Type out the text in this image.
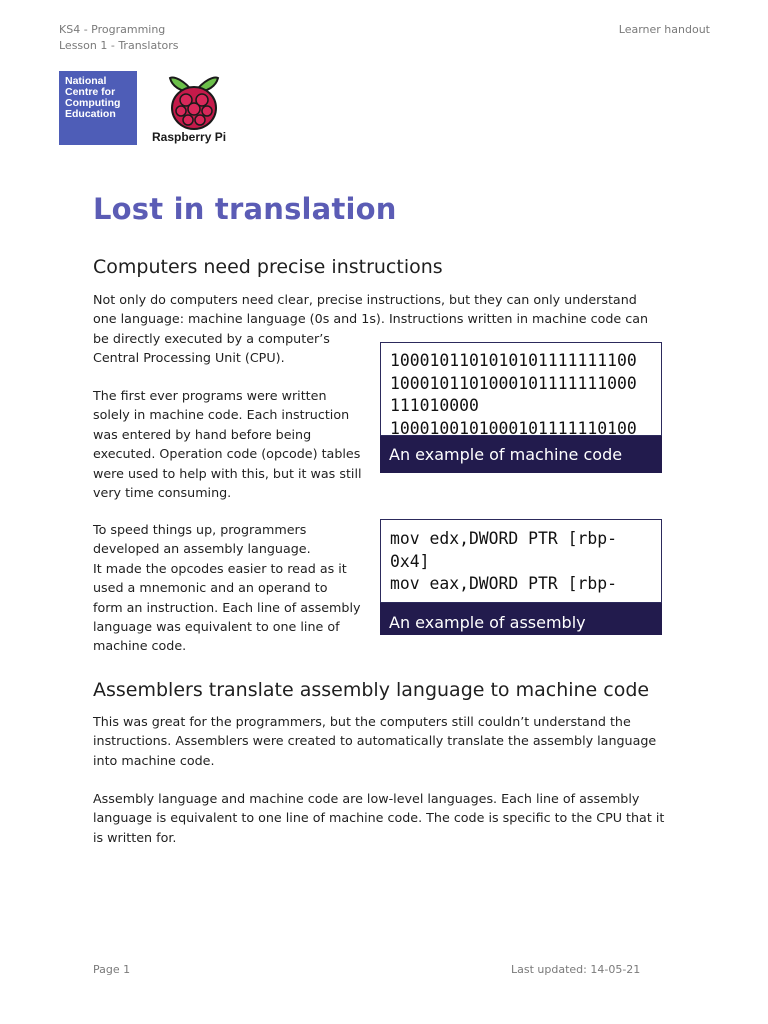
KS4 - Programming
Lesson 1 - Translators
Learner handout
National
Centre for
Computing
Education
Raspberry Pi
Lost in translation
Computers need precise instructions

Not only do computers need clear, precise instructions, but they can only understand
one language: machine language (0s and 1s). Instructions written in machine code can
be directly executed by a computer’s
Central Processing Unit (CPU).

The first ever programs were written
solely in machine code. Each instruction
was entered by hand before being
executed. Operation code (opcode) tables
were used to help with this, but it was still
very time consuming.

To speed things up, programmers
developed an assembly language.
It made the opcodes easier to read as it
used a mnemonic and an operand to
form an instruction. Each line of assembly
language was equivalent to one line of
machine code.

1000101101010101111111100
1000101101000101111111000
111010000
1000100101000101111110100
An example of machine code
mov edx,DWORD PTR [rbp-
0x4]
mov eax,DWORD PTR [rbp-
An example of assembly
Assemblers translate assembly language to machine code

This was great for the programmers, but the computers still couldn’t understand the
instructions. Assemblers were created to automatically translate the assembly language
into machine code.

Assembly language and machine code are low-level languages. Each line of assembly
language is equivalent to one line of machine code. The code is specific to the CPU that it
is written for.

Page 1	Last updated: 14-05-21
